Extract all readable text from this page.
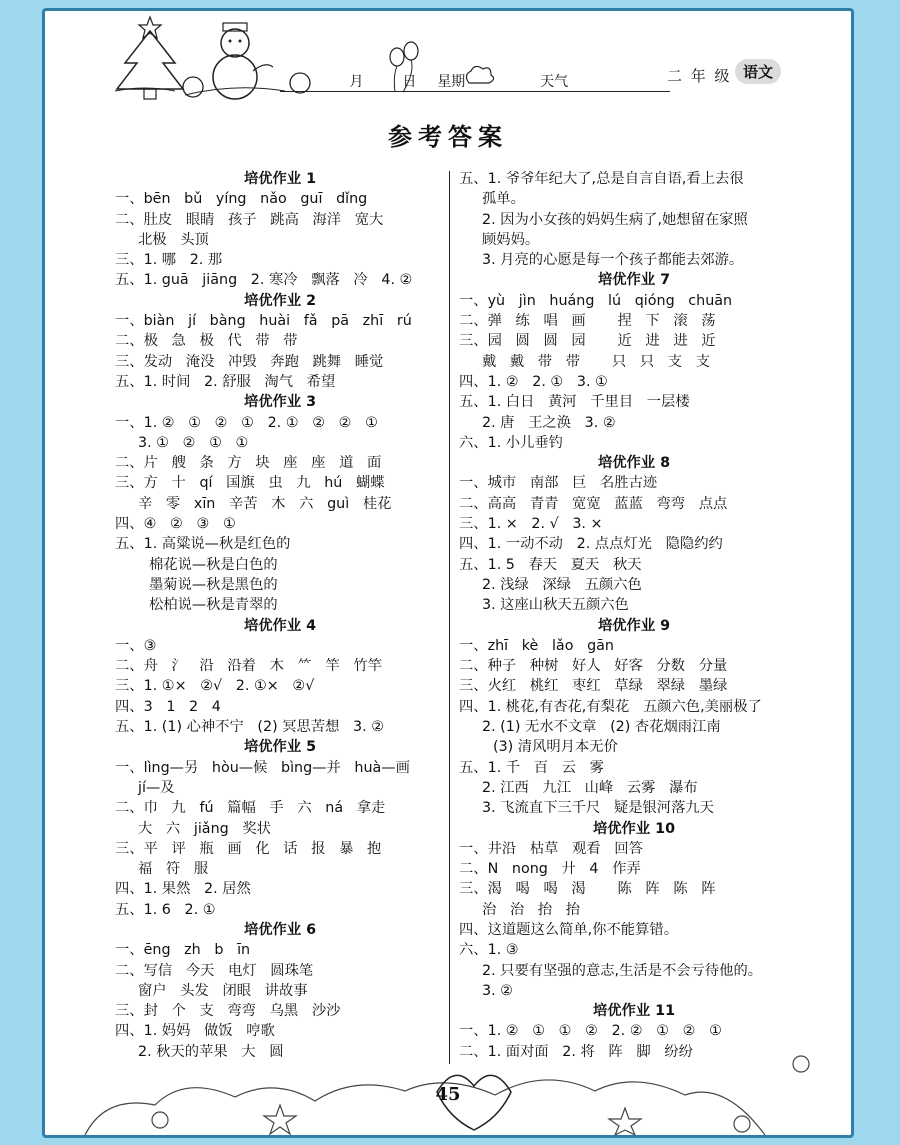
月	日 星期	天气	二 年 级 语文
参考答案
培优作业 1
一、bēn   bǔ   yíng   nǎo   guī   dǐng
二、肚皮   眼睛   孩子   跳高   海洋   宽大
北极   头顶
三、1. 哪   2. 那
五、1. guā   jiāng   2. 寒冷   飘落   冷   4. ②
培优作业 2
一、biàn   jí   bàng   huài   fǎ   pā   zhī   rú
二、极   急   极   代   带   带
三、发动   淹没   冲毁   奔跑   跳舞   睡觉
五、1. 时间   2. 舒服   淘气   希望
培优作业 3
一、1. ②   ①   ②   ①   2. ①   ②   ②   ①
3. ①   ②   ①   ①
二、片   艘   条   方   块   座   座   道   面
三、方   十   qí   国旗   虫   九   hú   蝴蝶
辛   零   xīn   辛苦   木   六   guì   桂花
四、④   ②   ③   ①
五、1. 高粱说—秋是红色的
棉花说—秋是白色的
墨菊说—秋是黑色的
松柏说—秋是青翠的
培优作业 4
一、③
二、舟   氵   沿   沿着   木   ⺮   竿   竹竿
三、1. ①×   ②√   2. ①×   ②√
四、3   1   2   4
五、1. (1) 心神不宁   (2) 冥思苦想   3. ②
培优作业 5
一、lìng—另   hòu—候   bìng—并   huà—画
jí—及
二、巾   九   fú   篇幅   手   六   ná   拿走
大   六   jiǎng   奖状
三、平   评   瓶   画   化   话   报   暴   抱
福   符   服
四、1. 果然   2. 居然
五、1. 6   2. ①
培优作业 6
一、ēng   zh   b   īn
二、写信   今天   电灯   圆珠笔
窗户   头发   闭眼   讲故事
三、封   个   支   弯弯   乌黑   沙沙
四、1. 妈妈   做饭   哼歌
2. 秋天的苹果   大   圆
五、1. 爷爷年纪大了,总是自言自语,看上去很
孤单。
2. 因为小女孩的妈妈生病了,她想留在家照
顾妈妈。
3. 月亮的心愿是每一个孩子都能去郊游。
培优作业 7
一、yù   jìn   huáng   lú   qióng   chuān
二、弹   练   唱   画       捏   下   滚   荡
三、园   圆   圆   园       近   进   进   近
戴   戴   带   带       只   只   支   支
四、1. ②   2. ①   3. ①
五、1. 白日   黄河   千里目   一层楼
2. 唐   王之涣   3. ②
六、1. 小儿垂钓
培优作业 8
一、城市   南部   巨   名胜古迹
二、高高   青青   宽宽   蓝蓝   弯弯   点点
三、1. ×   2. √   3. ×
四、1. 一动不动   2. 点点灯光   隐隐约约
五、1. 5   春天   夏天   秋天
2. 浅绿   深绿   五颜六色
3. 这座山秋天五颜六色
培优作业 9
一、zhī   kè   lǎo   gān
二、种子   种树   好人   好客   分数   分量
三、火红   桃红   枣红   草绿   翠绿   墨绿
四、1. 桃花,有杏花,有梨花   五颜六色,美丽极了
2. (1) 无水不文章   (2) 杏花烟雨江南
(3) 清风明月本无价
五、1. 千   百   云   雾
2. 江西   九江   山峰   云雾   瀑布
3. 飞流直下三千尺   疑是银河落九天
培优作业 10
一、井沿   枯草   观看   回答
二、N   nong   廾   4   作弄
三、渴   喝   喝   渴       陈   阵   陈   阵
治   治   抬   抬
四、这道题这么简单,你不能算错。
六、1. ③
2. 只要有坚强的意志,生活是不会亏待他的。
3. ②
培优作业 11
一、1. ②   ①   ①   ②   2. ②   ①   ②   ①
二、1. 面对面   2. 将   阵   脚   纷纷
45
